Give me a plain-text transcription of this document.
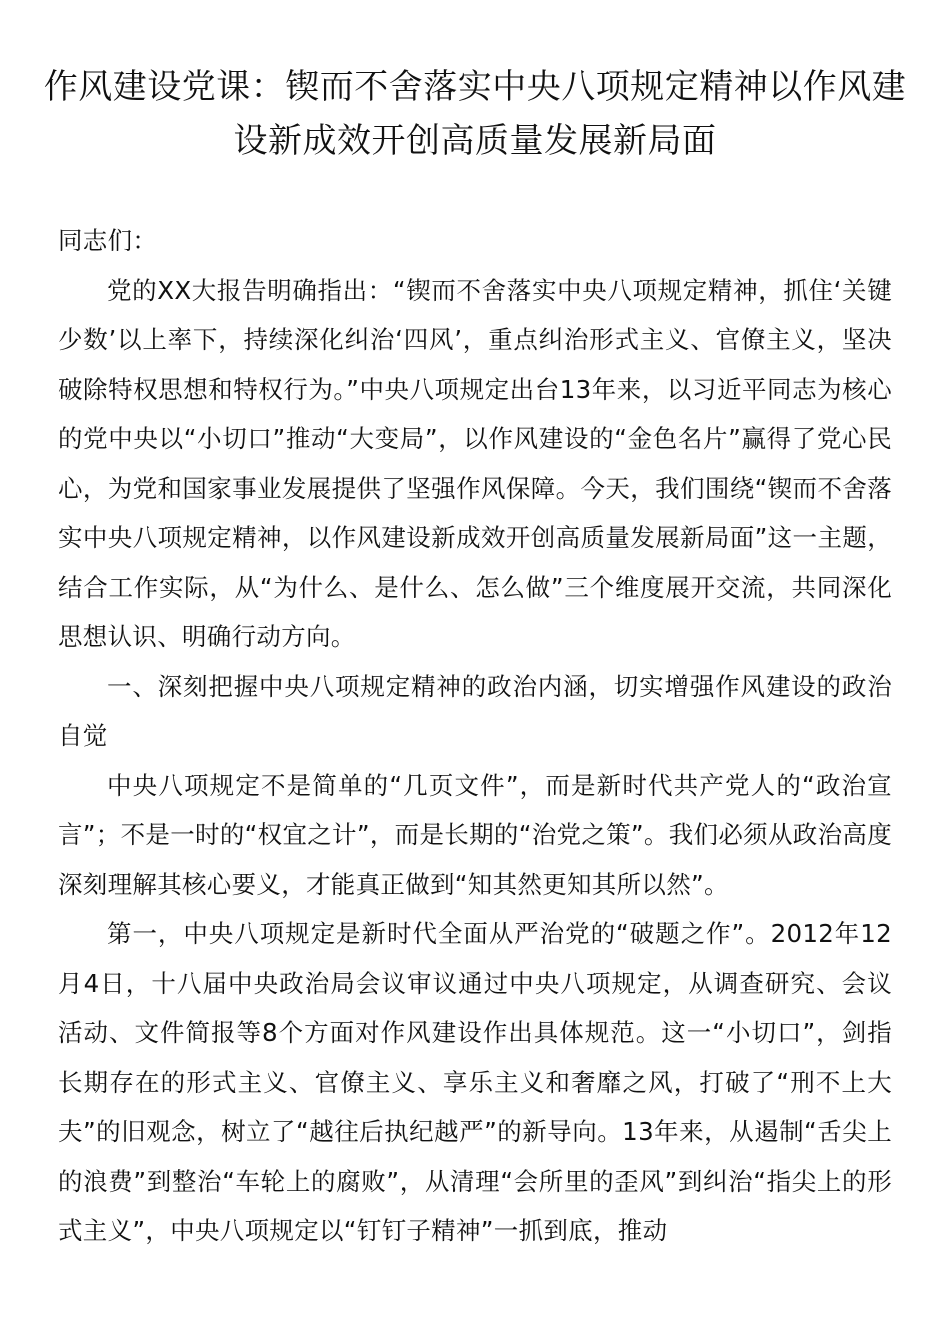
作风建设党课：锲而不舍落实中央八项规定精神以作风建设新成效开创高质量发展新局面

同志们：

党的XX大报告明确指出：“锲而不舍落实中央八项规定精神，抓住‘关键少数’以上率下，持续深化纠治‘四风’，重点纠治形式主义、官僚主义，坚决破除特权思想和特权行为。”中央八项规定出台13年来，以习近平同志为核心的党中央以“小切口”推动“大变局”，以作风建设的“金色名片”赢得了党心民心，为党和国家事业发展提供了坚强作风保障。今天，我们围绕“锲而不舍落实中央八项规定精神，以作风建设新成效开创高质量发展新局面”这一主题，结合工作实际，从“为什么、是什么、怎么做”三个维度展开交流，共同深化思想认识、明确行动方向。

一、深刻把握中央八项规定精神的政治内涵，切实增强作风建设的政治自觉

中央八项规定不是简单的“几页文件”，而是新时代共产党人的“政治宣言”；不是一时的“权宜之计”，而是长期的“治党之策”。我们必须从政治高度深刻理解其核心要义，才能真正做到“知其然更知其所以然”。

第一，中央八项规定是新时代全面从严治党的“破题之作”。2012年12月4日，十八届中央政治局会议审议通过中央八项规定，从调查研究、会议活动、文件简报等8个方面对作风建设作出具体规范。这一“小切口”，剑指长期存在的形式主义、官僚主义、享乐主义和奢靡之风，打破了“刑不上大夫”的旧观念，树立了“越往后执纪越严”的新导向。13年来，从遏制“舌尖上的浪费”到整治“车轮上的腐败”，从清理“会所里的歪风”到纠治“指尖上的形式主义”，中央八项规定以“钉钉子精神”一抓到底，推动
